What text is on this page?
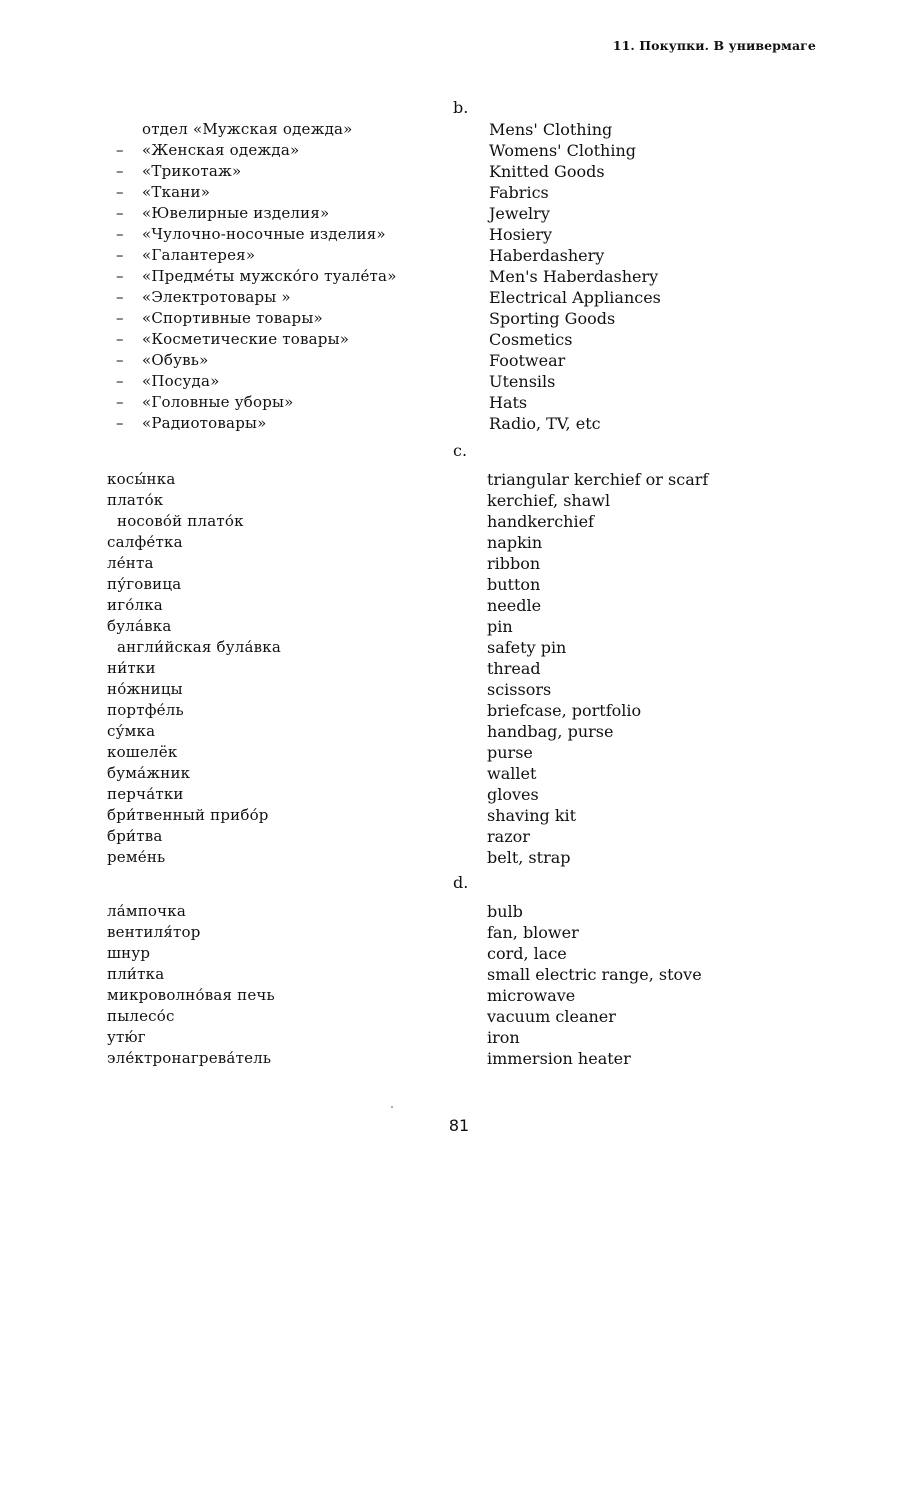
11. Покупки. В универмаге
b.
отдел «Мужская одежда»
– «Женская одежда»
– «Трикотаж»
– «Ткани»
– «Ювелирные изделия»
– «Чулочно-носочные изделия»
– «Галантерея»
– «Предме́ты мужско́го туале́та»
– «Электротовары »
– «Спортивные товары»
– «Косметические товары»
– «Обувь»
– «Посуда»
– «Головные уборы»
– «Радиотовары»
Mens' Clothing
Womens' Clothing
Knitted Goods
Fabrics
Jewelry
Hosiery
Haberdashery
Men's Haberdashery
Electrical Appliances
Sporting Goods
Cosmetics
Footwear
Utensils
Hats
Radio, TV, etc
c.
косы́нка
плато́к
носово́й плато́к
салфе́тка
ле́нта
пу́говица
иго́лка
була́вка
англи́йская була́вка
ни́тки
но́жницы
портфе́ль
су́мка
кошелёк
бума́жник
перча́тки
бри́твенный прибо́р
бри́тва
реме́нь
triangular kerchief or scarf
kerchief, shawl
handkerchief
napkin
ribbon
button
needle
pin
safety pin
thread
scissors
briefcase, portfolio
handbag, purse
purse
wallet
gloves
shaving kit
razor
belt, strap
d.
ла́мпочка
вентиля́тор
шнур
пли́тка
микроволно́вая печь
пылесо́с
утю́г
эле́ктронагрева́тель
bulb
fan, blower
cord, lace
small electric range, stove
microwave
vacuum cleaner
iron
immersion heater
81
